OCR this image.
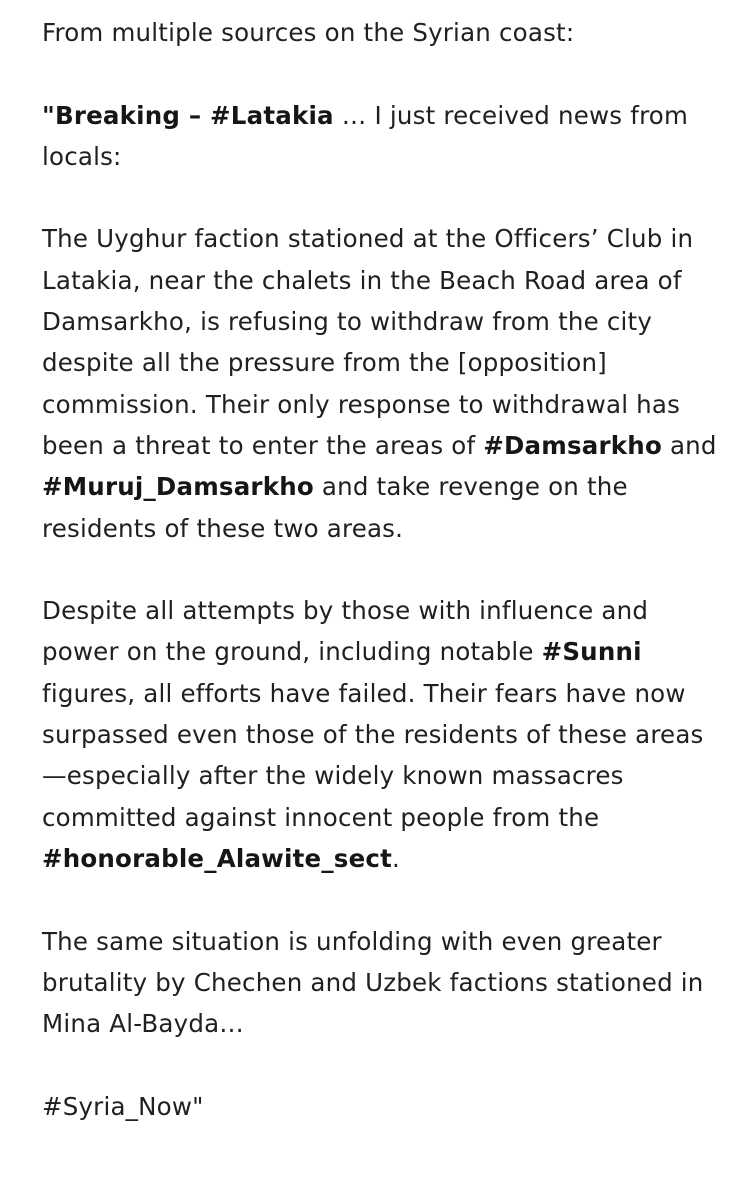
From multiple sources on the Syrian coast:

"Breaking – #Latakia … I just received news from locals:

The Uyghur faction stationed at the Officers’ Club in Latakia, near the chalets in the Beach Road area of Damsarkho, is refusing to withdraw from the city despite all the pressure from the [opposition] commission. Their only response to withdrawal has been a threat to enter the areas of #Damsarkho and #Muruj_Damsarkho and take revenge on the residents of these two areas.

Despite all attempts by those with influence and power on the ground, including notable #Sunni figures, all efforts have failed. Their fears have now surpassed even those of the residents of these areas—especially after the widely known massacres committed against innocent people from the #honorable_Alawite_sect.

The same situation is unfolding with even greater brutality by Chechen and Uzbek factions stationed in Mina Al-Bayda…

#Syria_Now"
